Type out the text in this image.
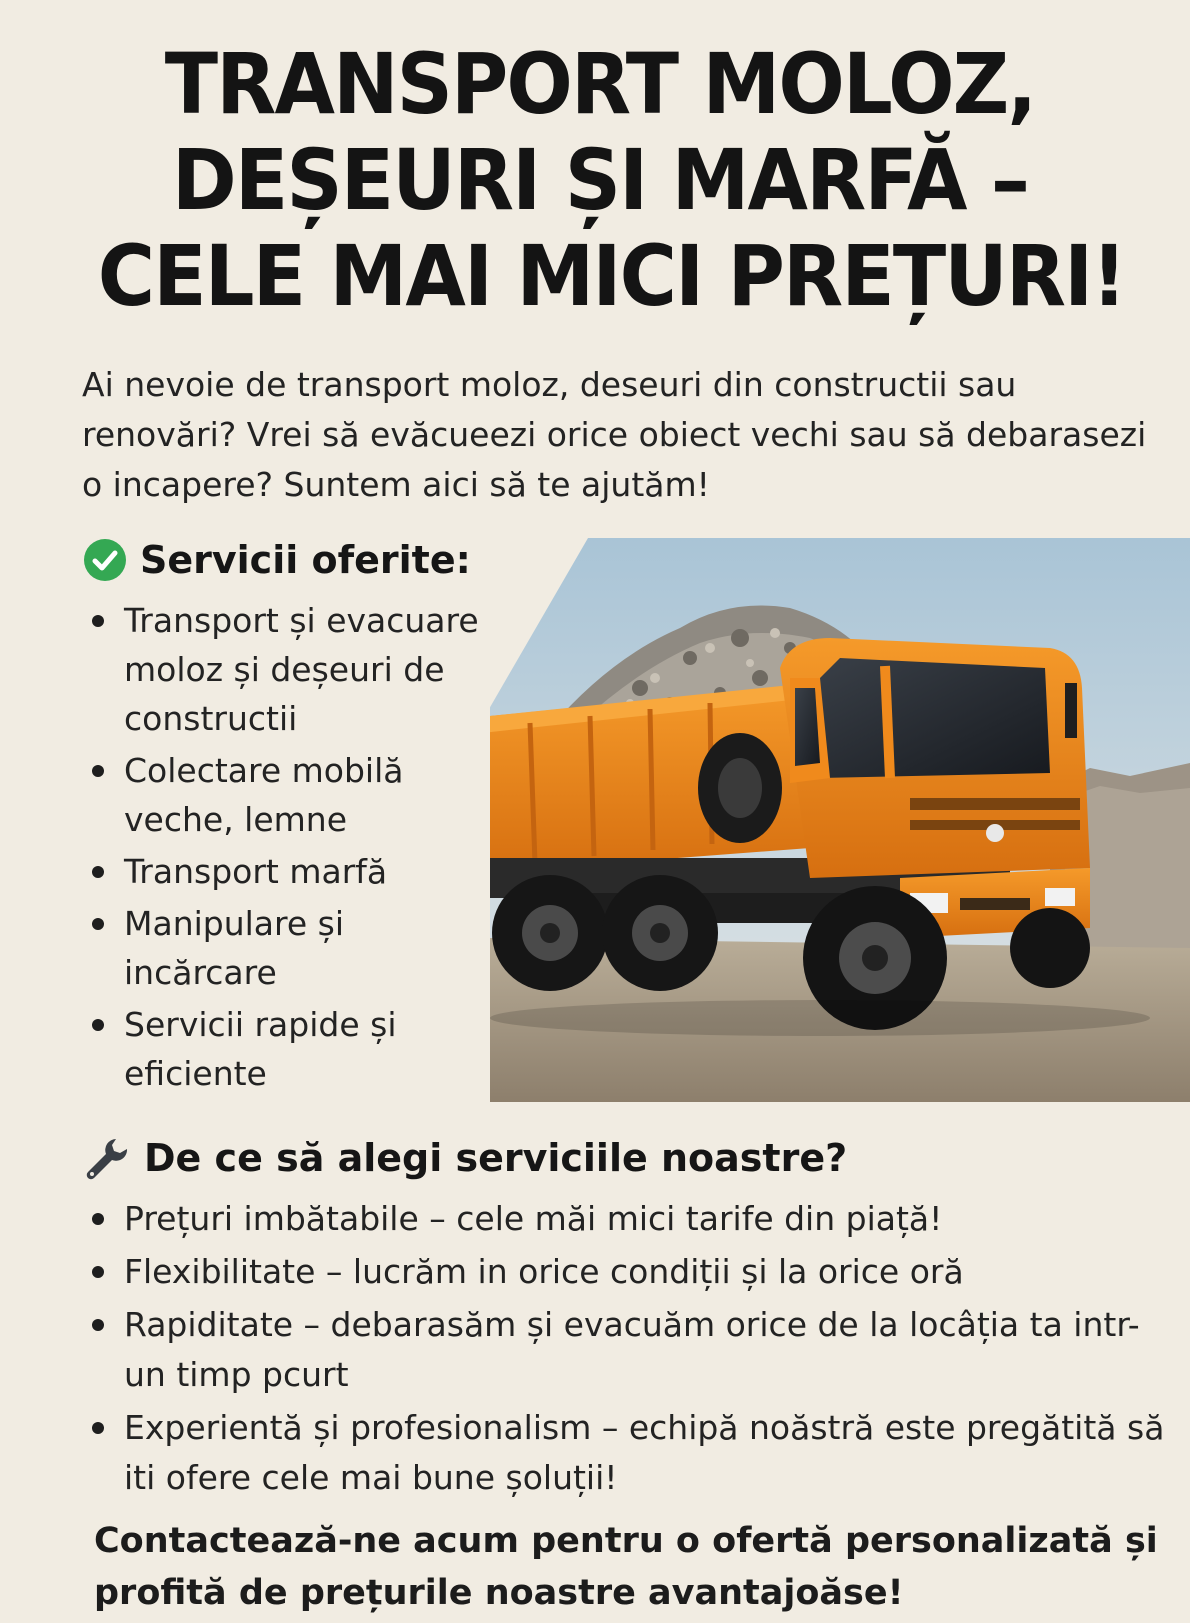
TRANSPORT MOLOZ,
DEȘEURI ȘI MARFĂ –
CELE MAI MICI PREȚURI!

Ai nevoie de transport moloz, deseuri din constructii sau renovări? Vrei să evăcueezi orice obiect vechi sau să debarasezi o incapere? Suntem aici să te ajutăm!

Servicii oferite:
Transport și evacuare moloz și deșeuri de constructii
Colectare mobilă veche, lemne
Transport marfă
Manipulare și incărcare
Servicii rapide și eficiente
De ce să alegi serviciile noastre?
Prețuri imbătabile – cele măi mici tarife din piață!
Flexibilitate – lucrăm in orice condiții și la orice oră
Rapiditate – debarasăm și evacuăm orice de la locâția ta intr-un timp pcurt
Experientă și profesionalism – echipă noăstră este pregătită să iti ofere cele mai bune șoluții!

Contactează-ne acum pentru o ofertă personalizată și profită de prețurile noastre avantajoăse!
